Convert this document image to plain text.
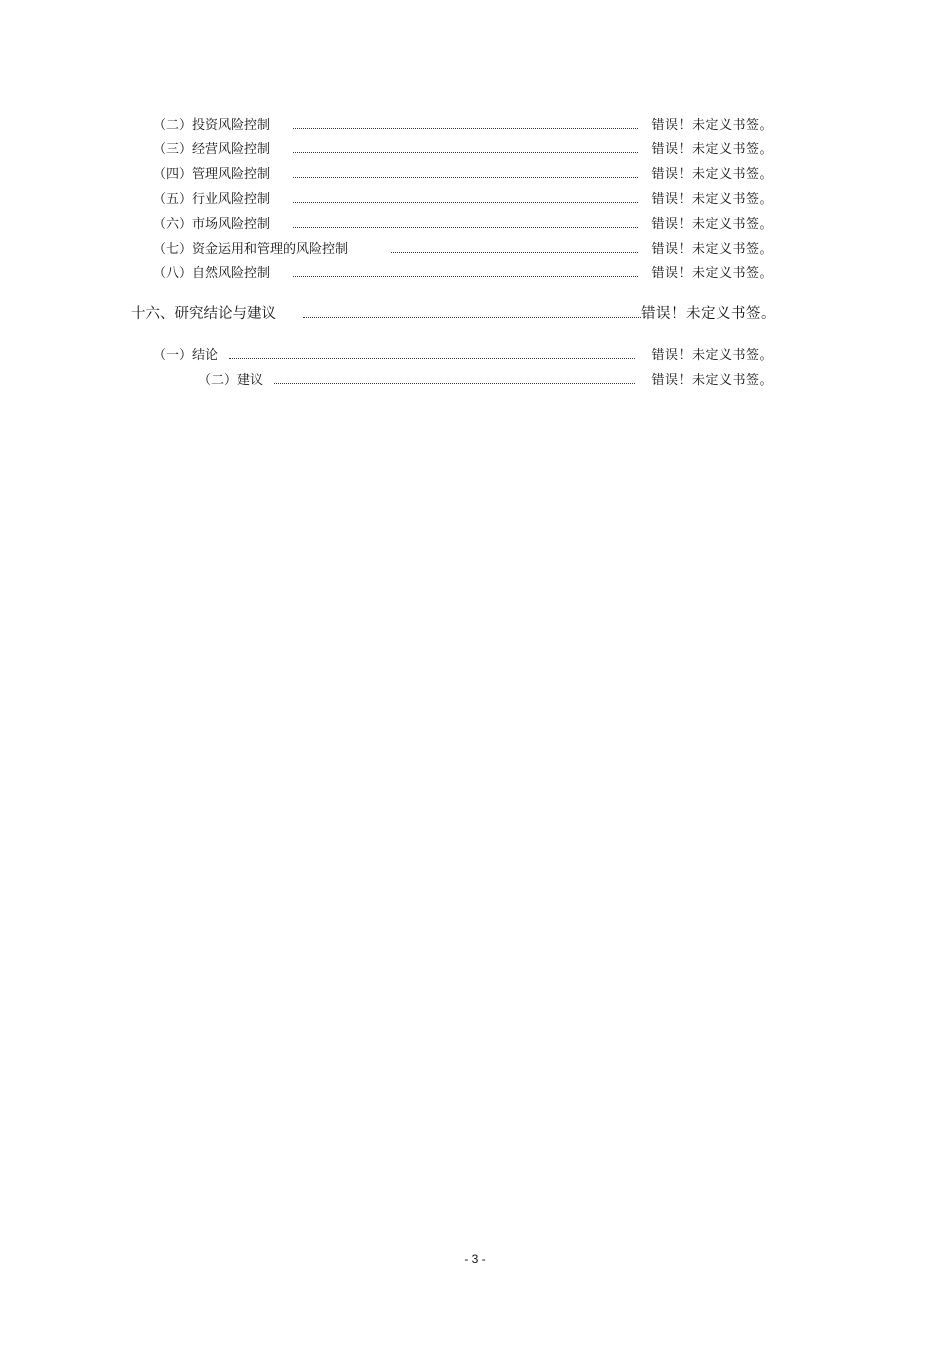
（二）投资风险控制	错误！未定义书签。
（三）经营风险控制	错误！未定义书签。
（四）管理风险控制	错误！未定义书签。
（五）行业风险控制	错误！未定义书签。
（六）市场风险控制	错误！未定义书签。
（七）资金运用和管理的风险控制	错误！未定义书签。
（八）自然风险控制	错误！未定义书签。
十六、研究结论与建议	错误！未定义书签。
（一）结论	错误！未定义书签。
（二）建议	错误！未定义书签。
- 3 -
